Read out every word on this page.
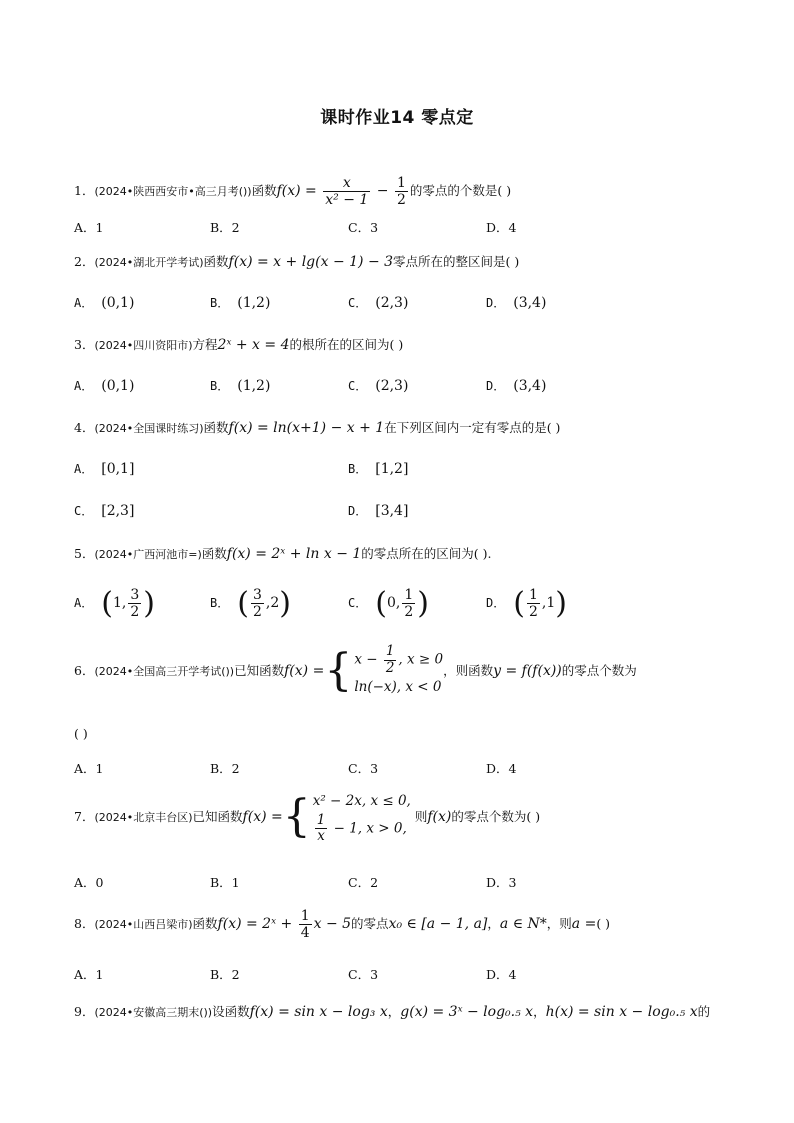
课时作业14 零点定
1．(2024•陕西西安市•高三月考())函数$f(x) = \frac{x}{\text{x² − 1}} - \frac{1}{2}$ 的零点的个数是( )
A．1	B．2	C．3	D．4
2．(2024•湖北开学考试)函数f(x) = x + lg(x − 1) − 3零点所在的整区间是( )
A． (0,1)	B． (1,2)	C． (2,3)	D． (3,4)
3．(2024•四川资阳市)方程2ˣ + x = 4的根所在的区间为( )
A． (0,1)	B． (1,2)	C． (2,3)	D． (3,4)
4．(2024•全国课时练习)函数f(x) = ln(x+1) − x + 1在下列区间内一定有零点的是( )
A． [0,1]	B． [1,2]
C． [2,3]	D． [3,4]
5．(2024•广西河池市=)函数f(x) = 2ˣ + ln x − 1的零点所在的区间为( ).
A． (1, $\frac{3}{2}$ )	B． ( $\frac{3}{2} ,2$)	C． (0, $\frac{1}{2}$ )	D． ( $\frac{1}{2} ,1$)
6．(2024•全国高三开学考试())已知函数f(x) ={ $x - \frac{1}{2}$ , x ≥ 0
ln(−x), x < 0
，则函数y = f(f(x))的零点个数为
( )
A．1	B．2	C．3	D．4
7．(2024•北京丰台区)已知函数f(x) ={ x² − 2x, x ≤ 0,
$\frac{1}{x} - 1$, x > 0,
则f(x)的零点个数为( )
A．0	B．1	C．2	D．3
8．(2024•山西吕梁市)函数f(x) = 2ˣ + $\frac{1}{4}$ x − 5的零点x₀ ∈ [a − 1, a]，a ∈ N*，则a =( )
A．1	B．2	C．3	D．4
9．(2024•安徽高三期末())设函数f(x) = sin x − log₃ x，g(x) = 3ˣ − log₀.₅ x，h(x) = sin x − log₀.₅ x的
